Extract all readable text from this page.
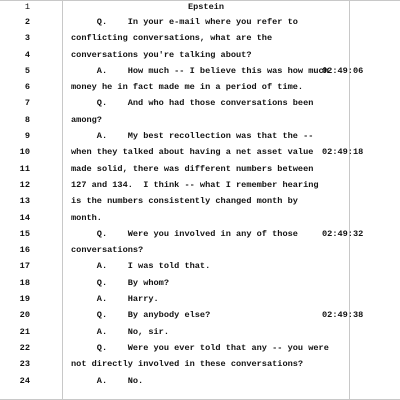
1	Epstein
2	Q.    In your e-mail where you refer to
3	conflicting conversations, what are the
4	conversations you're talking about?
5	A.    How much -- I believe this was how much
02:49:06
6	money he in fact made me in a period of time.
7	Q.    And who had those conversations been
8	among?
9	A.    My best recollection was that the --
10	when they talked about having a net asset value	02:49:18
11	made solid, there was different numbers between
12	127 and 134.  I think -- what I remember hearing
13	is the numbers consistently changed month by
14	month.
15	Q.    Were you involved in any of those	02:49:32
16	conversations?
17	A.    I was told that.
18	Q.    By whom?
19	A.    Harry.
20	Q.    By anybody else?	02:49:38
21	A.    No, sir.
22	Q.    Were you ever told that any -- you were
23	not directly involved in these conversations?
24	A.    No.
